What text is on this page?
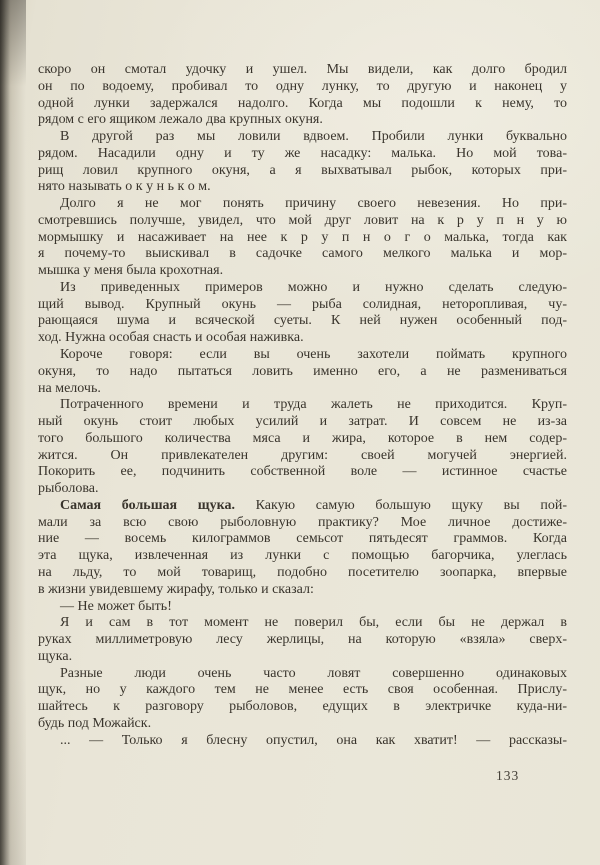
скоро он смотал удочку и ушел. Мы видели, как долго бродил
он по водоему, пробивал то одну лунку, то другую и наконец у
одной лунки задержался надолго. Когда мы подошли к нему, то
рядом с его ящиком лежало два крупных окуня.
В другой раз мы ловили вдвоем. Пробили лунки буквально
рядом. Насадили одну и ту же насадку: малька. Но мой това-
рищ ловил крупного окуня, а я выхватывал рыбок, которых при-
нято называть о к у н ь к о м.
Долго я не мог понять причину своего невезения. Но при-
смотревшись получше, увидел, что мой друг ловит на к р у п н у ю
мормышку и насаживает на нее к р у п н о г о малька, тогда как
я почему-то выискивал в садочке самого мелкого малька и мор-
мышка у меня была крохотная.
Из приведенных примеров можно и нужно сделать следую-
щий вывод. Крупный окунь — рыба солидная, неторопливая, чу-
рающаяся шума и всяческой суеты. К ней нужен особенный под-
ход. Нужна особая снасть и особая наживка.
Короче говоря: если вы очень захотели поймать крупного
окуня, то надо пытаться ловить именно его, а не размениваться
на мелочь.
Потраченного времени и труда жалеть не приходится. Круп-
ный окунь стоит любых усилий и затрат. И совсем не из-за
того большого количества мяса и жира, которое в нем содер-
жится. Он привлекателен другим: своей могучей энергией.
Покорить ее, подчинить собственной воле — истинное счастье
рыболова.
Самая большая щука. Какую самую большую щуку вы пой-
мали за всю свою рыболовную практику? Мое личное достиже-
ние — восемь килограммов семьсот пятьдесят граммов. Когда
эта щука, извлеченная из лунки с помощью багорчика, улеглась
на льду, то мой товарищ, подобно посетителю зоопарка, впервые
в жизни увидевшему жирафу, только и сказал:
— Не может быть!
Я и сам в тот момент не поверил бы, если бы не держал в
руках миллиметровую лесу жерлицы, на которую «взяла» сверх-
щука.
Разные люди очень часто ловят совершенно одинаковых
щук, но у каждого тем не менее есть своя особенная. Прислу-
шайтесь к разговору рыболовов, едущих в электричке куда-ни-
будь под Можайск.
... — Только я блесну опустил, она как хватит! — рассказы-
133
